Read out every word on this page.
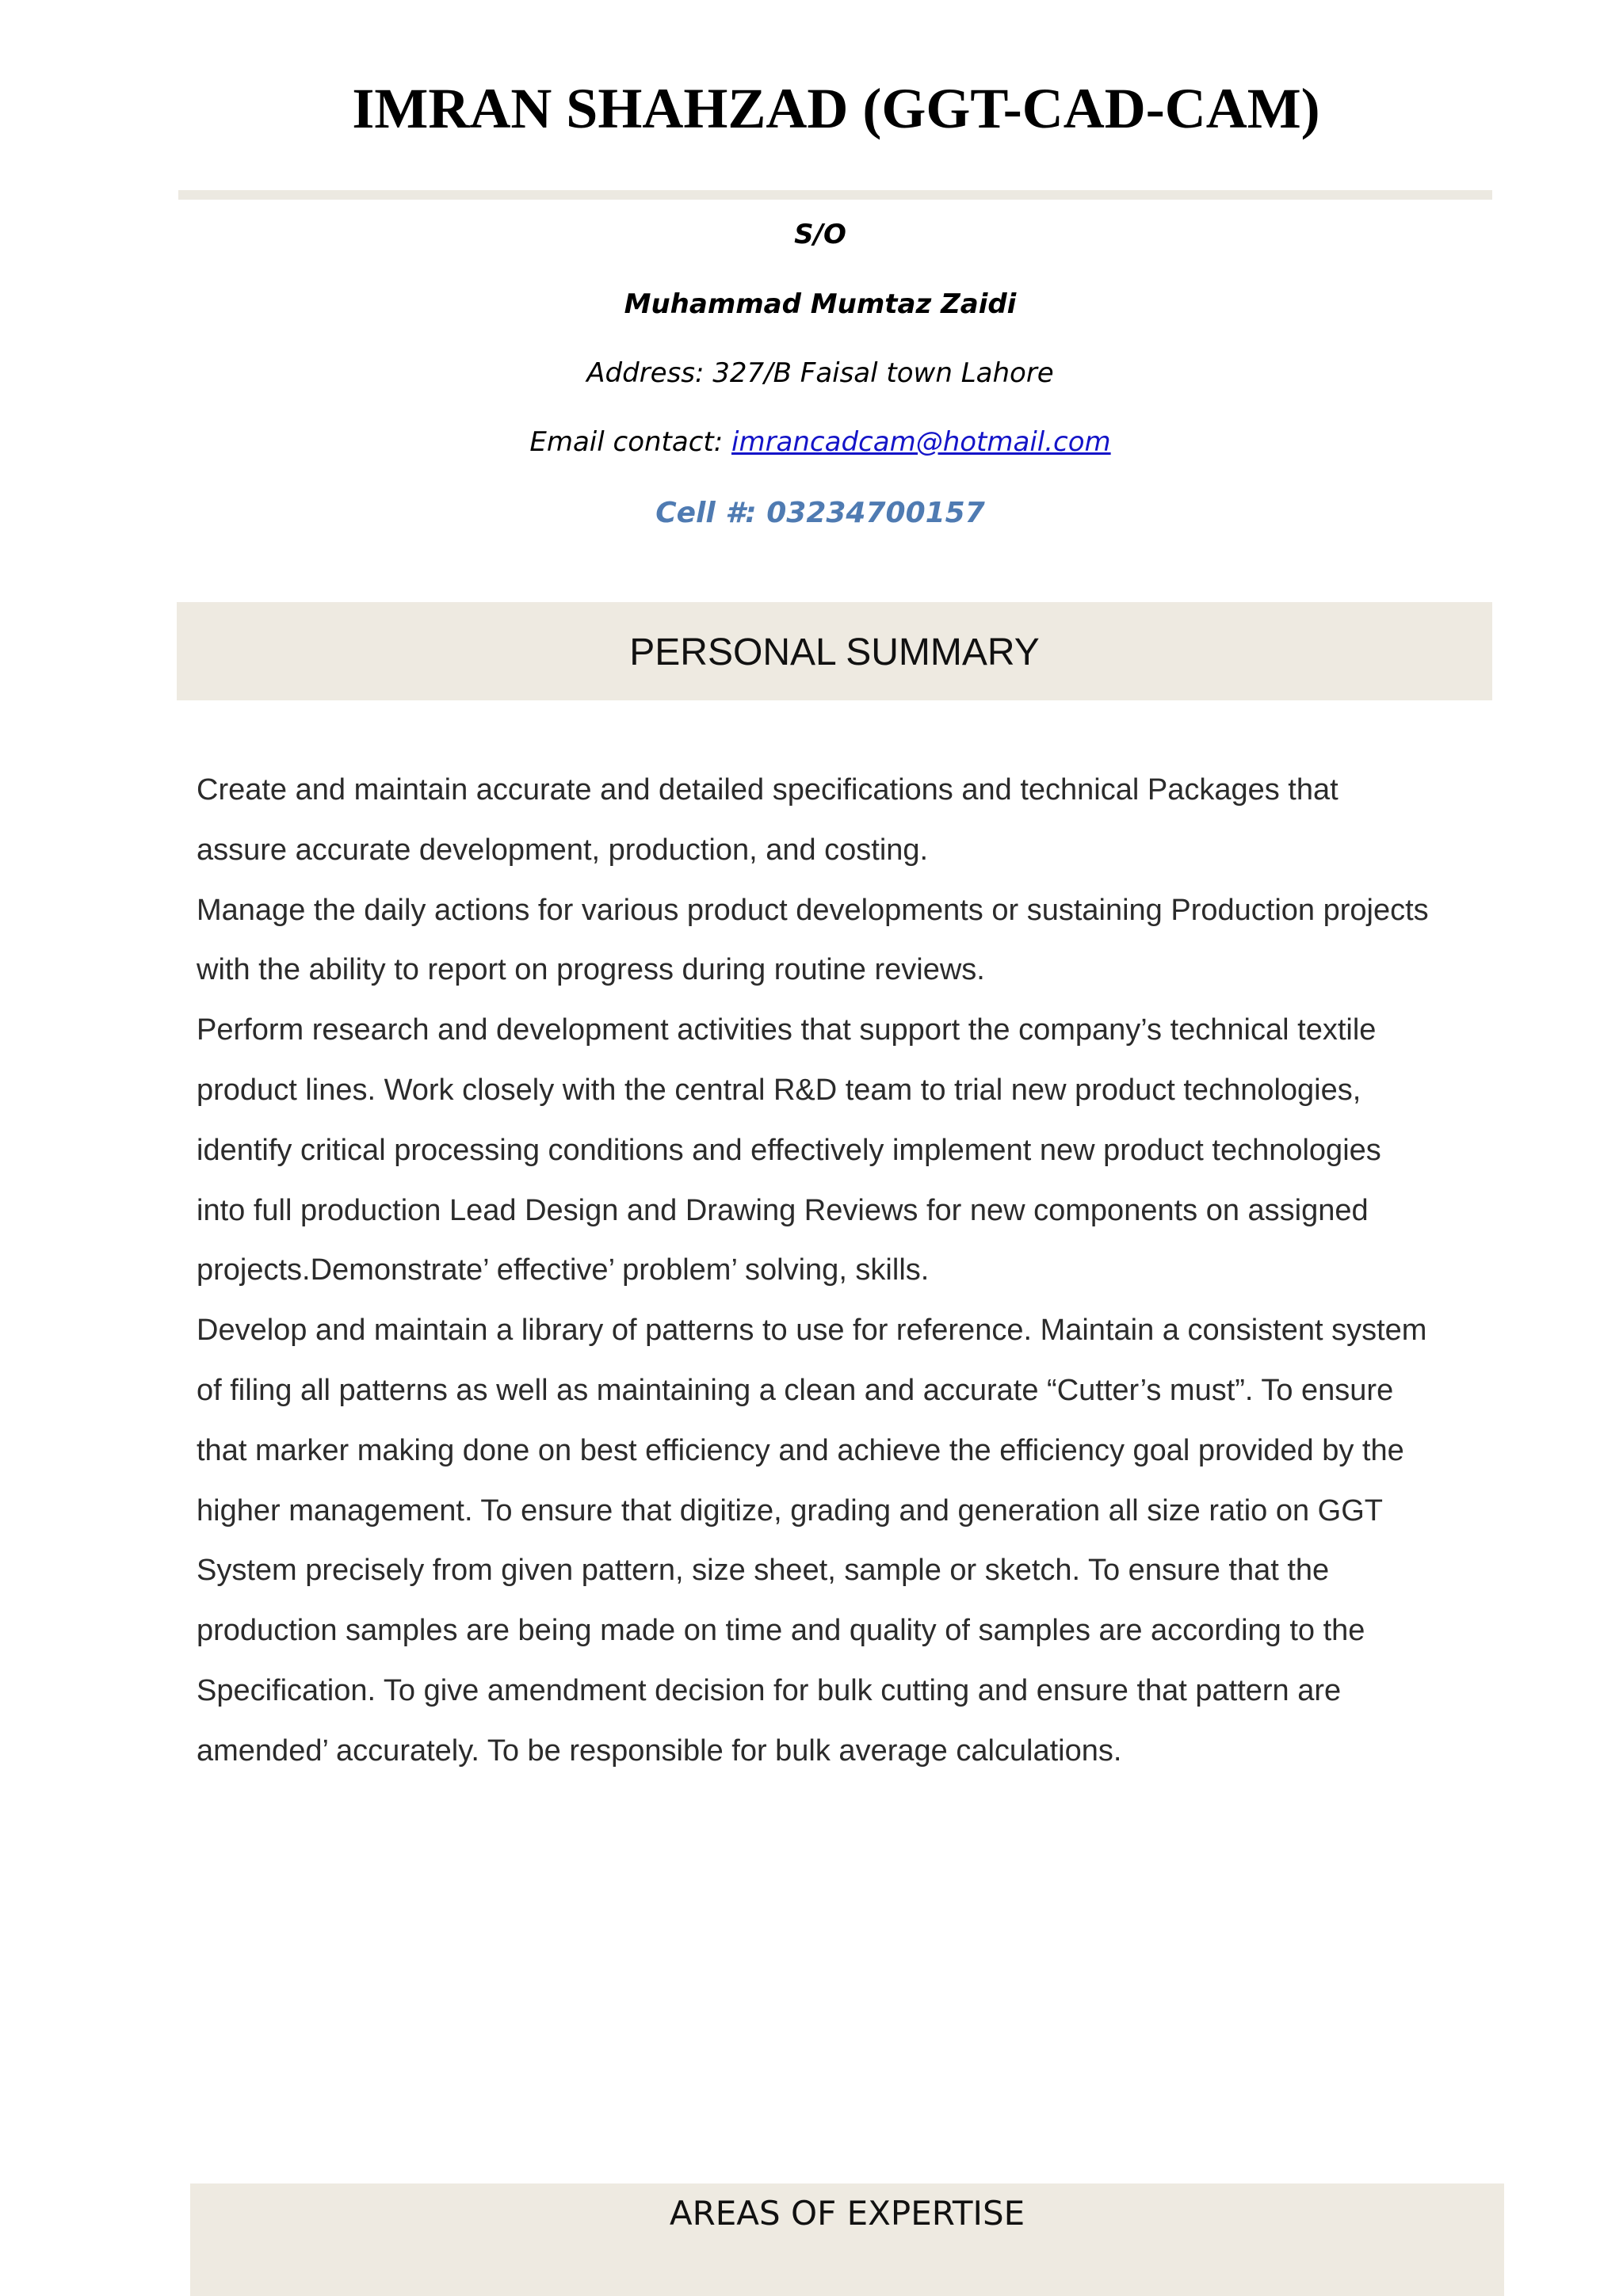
IMRAN SHAHZAD (GGT-CAD-CAM)
S/O
Muhammad Mumtaz Zaidi
Address: 327/B Faisal town Lahore
Email contact: imrancadcam@hotmail.com
Cell #: 03234700157
PERSONAL SUMMARY
Create and maintain accurate and detailed specifications and technical Packages that
assure accurate development, production, and costing.
Manage the daily actions for various product developments or sustaining Production projects
with the ability to report on progress during routine reviews.
Perform research and development activities that support the company’s technical textile
product lines. Work closely with the central R&D team to trial new product technologies,
identify critical processing conditions and effectively implement new product technologies
into full production Lead Design and Drawing Reviews for new components on assigned
projects.Demonstrate’ effective’ problem’ solving, skills.
Develop and maintain a library of patterns to use for reference. Maintain a consistent system
of filing all patterns as well as maintaining a clean and accurate “Cutter’s must”. To ensure
that marker making done on best efficiency and achieve the efficiency goal provided by the
higher management. To ensure that digitize, grading and generation all size ratio on GGT
System precisely from given pattern, size sheet, sample or sketch. To ensure that the
production samples are being made on time and quality of samples are according to the
Specification. To give amendment decision for bulk cutting and ensure that pattern are
amended’ accurately. To be responsible for bulk average calculations.
AREAS OF EXPERTISE
